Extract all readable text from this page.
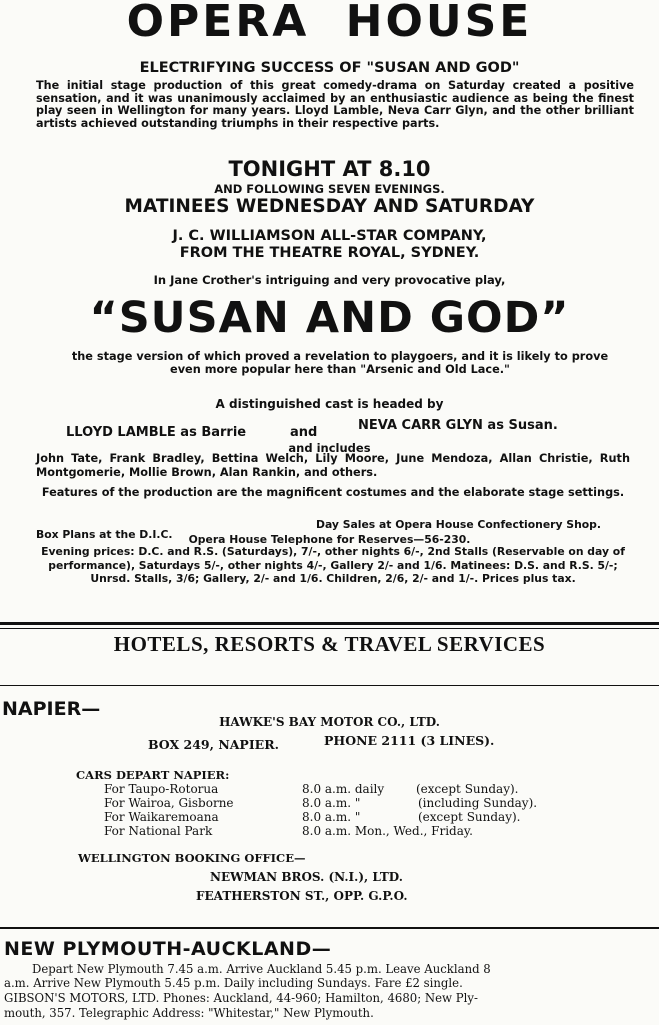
OPERA HOUSE
ELECTRIFYING SUCCESS OF "SUSAN AND GOD"
The initial stage production of this great comedy-drama on Saturday created a positive sensation, and it was unanimously acclaimed by an enthusiastic audience as being the finest play seen in Wellington for many years. Lloyd Lamble, Neva Carr Glyn, and the other brilliant artists achieved outstanding triumphs in their respective parts.
TONIGHT AT 8.10
AND FOLLOWING SEVEN EVENINGS.
MATINEES WEDNESDAY AND SATURDAY
J. C. WILLIAMSON ALL-STAR COMPANY,
FROM THE THEATRE ROYAL, SYDNEY.
In Jane Crother's intriguing and very provocative play,
“SUSAN AND GOD”
the stage version of which proved a revelation to playgoers, and it is likely to prove even more popular here than "Arsenic and Old Lace."
A distinguished cast is headed by
LLOYD LAMBLE as Barrie	and	NEVA CARR GLYN as Susan.
and includes
John Tate, Frank Bradley, Bettina Welch, Lily Moore, June Mendoza, Allan Christie, Ruth Montgomerie, Mollie Brown, Alan Rankin, and others.
Features of the production are the magnificent costumes and the elaborate stage settings.
Box Plans at the D.I.C.
Day Sales at Opera House Confectionery Shop.
Opera House Telephone for Reserves—56-230.
Evening prices: D.C. and R.S. (Saturdays), 7/-, other nights 6/-, 2nd Stalls (Reservable on day of performance), Saturdays 5/-, other nights 4/-, Gallery 2/- and 1/6. Matinees: D.S. and R.S. 5/-; Unrsd. Stalls, 3/6; Gallery, 2/- and 1/6. Children, 2/6, 2/- and 1/-. Prices plus tax.
HOTELS, RESORTS & TRAVEL SERVICES
NAPIER—
HAWKE'S BAY MOTOR CO., LTD.
BOX 249, NAPIER.	PHONE 2111 (3 LINES).
CARS DEPART NAPIER:
For Taupo-Rotorua	8.0 a.m. daily	(except Sunday).
For Wairoa, Gisborne	8.0 a.m. "	(including Sunday).
For Waikaremoana	8.0 a.m. "	(except Sunday).
For National Park	8.0 a.m. Mon., Wed., Friday.
WELLINGTON BOOKING OFFICE—
NEWMAN BROS. (N.I.), LTD.
FEATHERSTON ST., OPP. G.P.O.
NEW PLYMOUTH-AUCKLAND—
Depart New Plymouth 7.45 a.m. Arrive Auckland 5.45 p.m. Leave Auckland 8
a.m. Arrive New Plymouth 5.45 p.m. Daily including Sundays. Fare £2 single.
GIBSON'S MOTORS, LTD. Phones: Auckland, 44-960; Hamilton, 4680; New Ply-
mouth, 357. Telegraphic Address: "Whitestar," New Plymouth.
